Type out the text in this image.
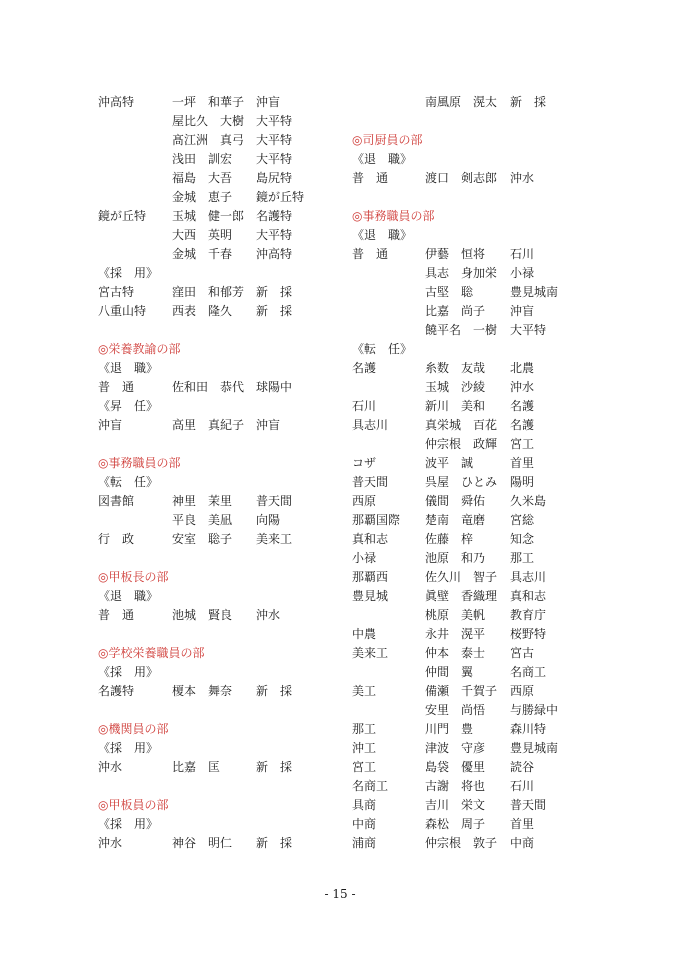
沖高特	一坪　和華子 沖盲
屋比久　大樹 大平特
髙江洲　真弓 大平特
浅田　訓宏 大平特
福島　大吾 島尻特
金城　恵子 鏡が丘特
鏡が丘特 玉城　健一郎 名護特
大西　英明 大平特
金城　千春 沖高特
《採　用》
宮古特	窪田　和郁芳 新　採
八重山特 西表　隆久 新　採
◎栄養教諭の部
《退　職》
普　通	佐和田　恭代 球陽中
《昇　任》
沖盲	高里　真紀子 沖盲
◎事務職員の部
《転　任》
図書館	神里　茉里 普天間
平良　美凪 向陽
行　政	安室　聡子 美来工
◎甲板長の部
《退　職》
普　通	池城　賢良 沖水
◎学校栄養職員の部
《採　用》
名護特	榎本　舞奈 新　採
◎機関員の部
《採　用》
沖水	比嘉　匡	新　採
◎甲板員の部
《採　用》
沖水	神谷　明仁 新　採
南風原　滉太 新　採
◎司厨員の部
《退　職》
普　通	渡口　剣志郎 沖水
◎事務職員の部
《退　職》
普　通	伊藝　恒将 石川
具志　身加栄 小禄
古堅　聡	豊見城南
比嘉　尚子 沖盲
饒平名　一樹 大平特
《転　任》
名護	糸数　友哉 北農
玉城　沙綾 沖水
石川	新川　美和 名護
具志川	真栄城　百花 名護
仲宗根　政輝 宮工
コザ	波平　誠	首里
普天間	呉屋　ひとみ 陽明
西原	儀間　舜佑 久米島
那覇国際 楚南　竜磨 宮総
真和志	佐藤　梓	知念
小禄	池原　和乃 那工
那覇西	佐久川　智子 具志川
豊見城	眞壁　香織理 真和志
桃原　美帆 教育庁
中農	永井　滉平 桜野特
美来工	仲本　泰士 宮古
仲間　翼	名商工
美工	備瀬　千賀子 西原
安里　尚悟 与勝緑中
那工	川門　豊	森川特
沖工	津波　守彦 豊見城南
宮工	島袋　優里 読谷
名商工	古謝　将也 石川
具商	吉川　栄文 普天間
中商	森松　周子 首里
浦商	仲宗根　敦子 中商
- 15 -
